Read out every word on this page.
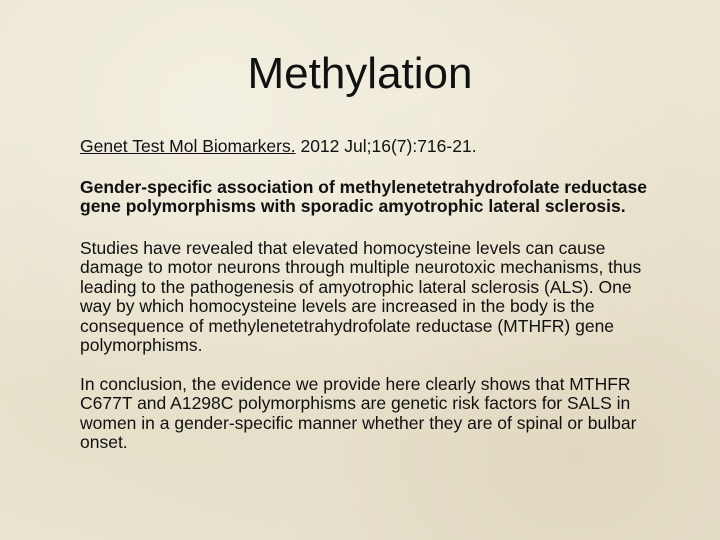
Methylation

Genet Test Mol Biomarkers. 2012 Jul;16(7):716-21.

Gender-specific association of methylenetetrahydrofolate reductase gene polymorphisms with sporadic amyotrophic lateral sclerosis.

Studies have revealed that elevated homocysteine levels can cause damage to motor neurons through multiple neurotoxic mechanisms, thus leading to the pathogenesis of amyotrophic lateral sclerosis (ALS). One way by which homocysteine levels are increased in the body is the consequence of methylenetetrahydrofolate reductase (MTHFR) gene polymorphisms.

In conclusion, the evidence we provide here clearly shows that MTHFR C677T and A1298C polymorphisms are genetic risk factors for SALS in women in a gender-specific manner whether they are of spinal or bulbar onset.
